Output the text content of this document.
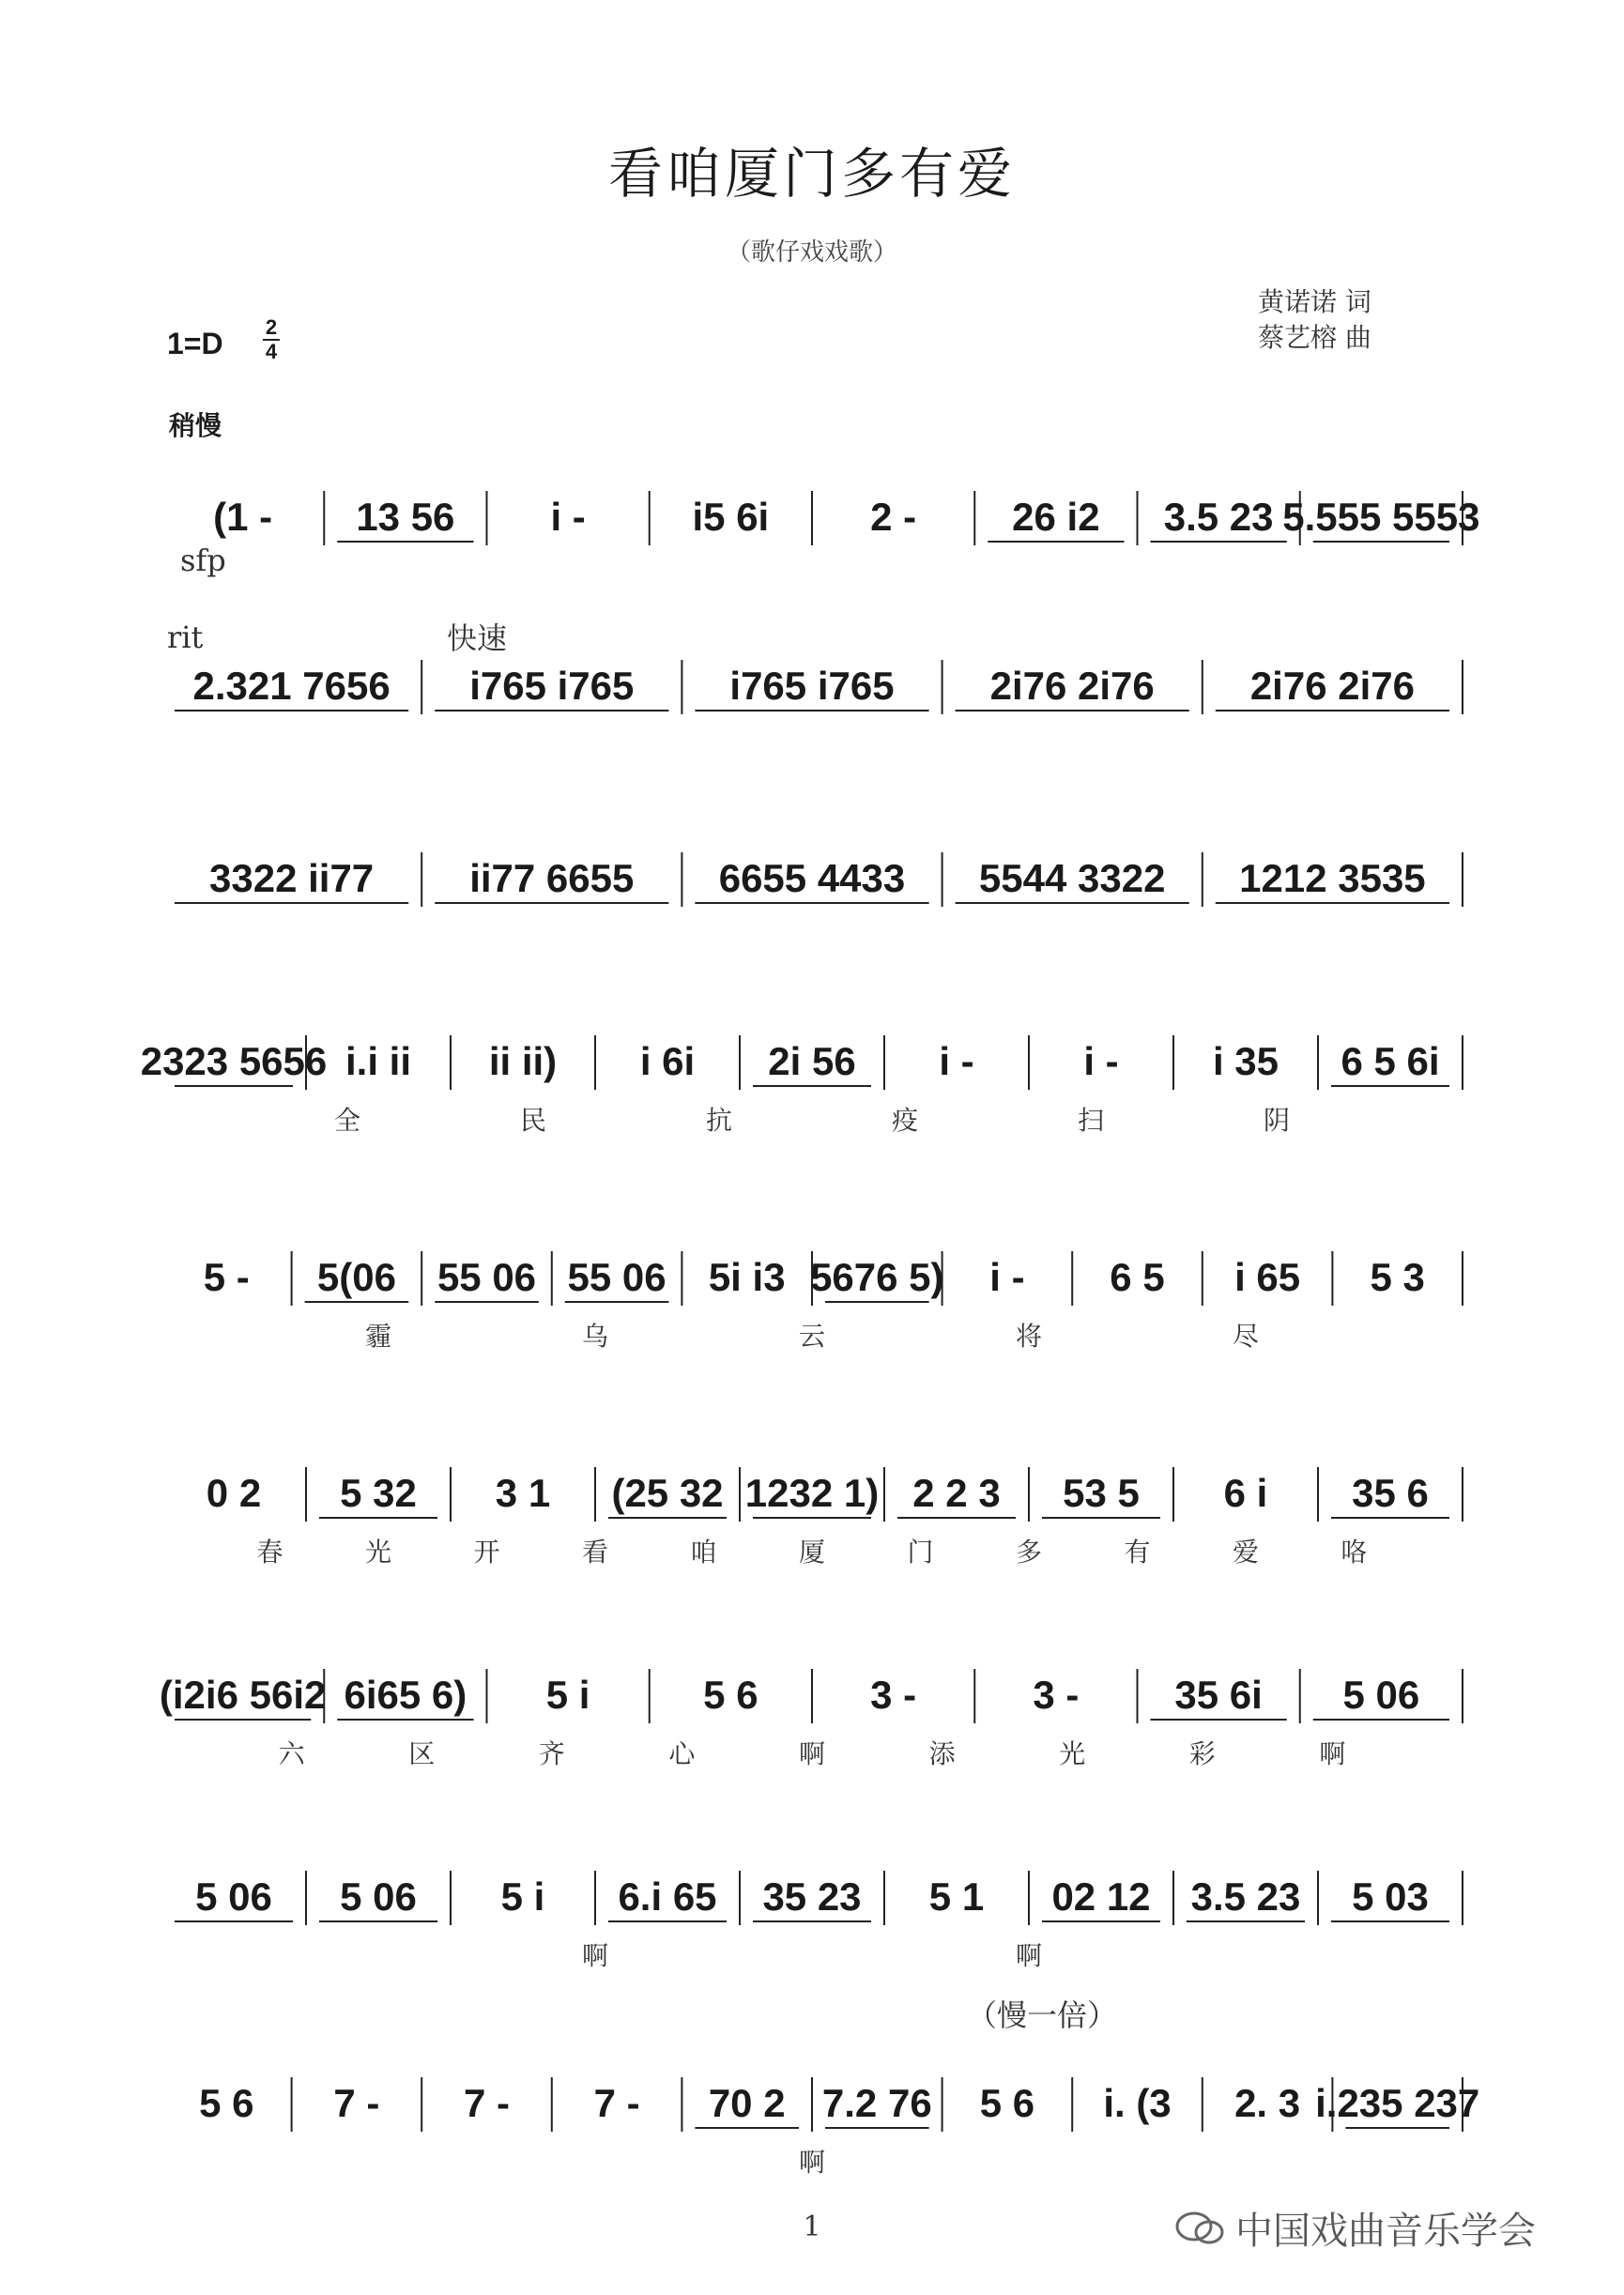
看咱厦门多有爱
（歌仔戏戏歌）
黄诺诺 词
蔡艺榕 曲
1=D 2
4
稍慢
sfp
rit	快速
（慢一倍）
(1 - 13 56 i -	i5 6i	2 - 26 i2 3.5 23 5.555 5553
2.321 7656 i765 i765 i765 i765 2i76 2i76 2i76 2i76
3322 ii77 ii77 6655 6655 4433 5544 3322 1212 3535
2323 5656 i.i ii ii ii) i 6i 2i 56 i -	i - i 35 6 5 6i
全	民	抗	疫	扫	阴
5 - 5(06 55 06 55 06 5i i3 5676 5) i - 6 5 i 65 5 3
霾	乌	云	将	尽
0 2 5 32 3 1 (25 32 1232 1) 2 2 3 53 5 6 i 35 6
春	光	开	看	咱	厦	门	多	有	爱	咯
(i2i6 56i2 6i65 6) 5 i	5 6	3 -	3 - 35 6i 5 06
六	区	齐	心	啊	添	光	彩	啊
5 06 5 06 5 i 6.i 65 35 23 5 1 02 12 3.5 23 5 03
啊	啊
5 6 7 - 7 - 7 - 70 2 7.2 76 5 6 i. (3 2. 3 i.235 237
啊
1	中国戏曲音乐学会
